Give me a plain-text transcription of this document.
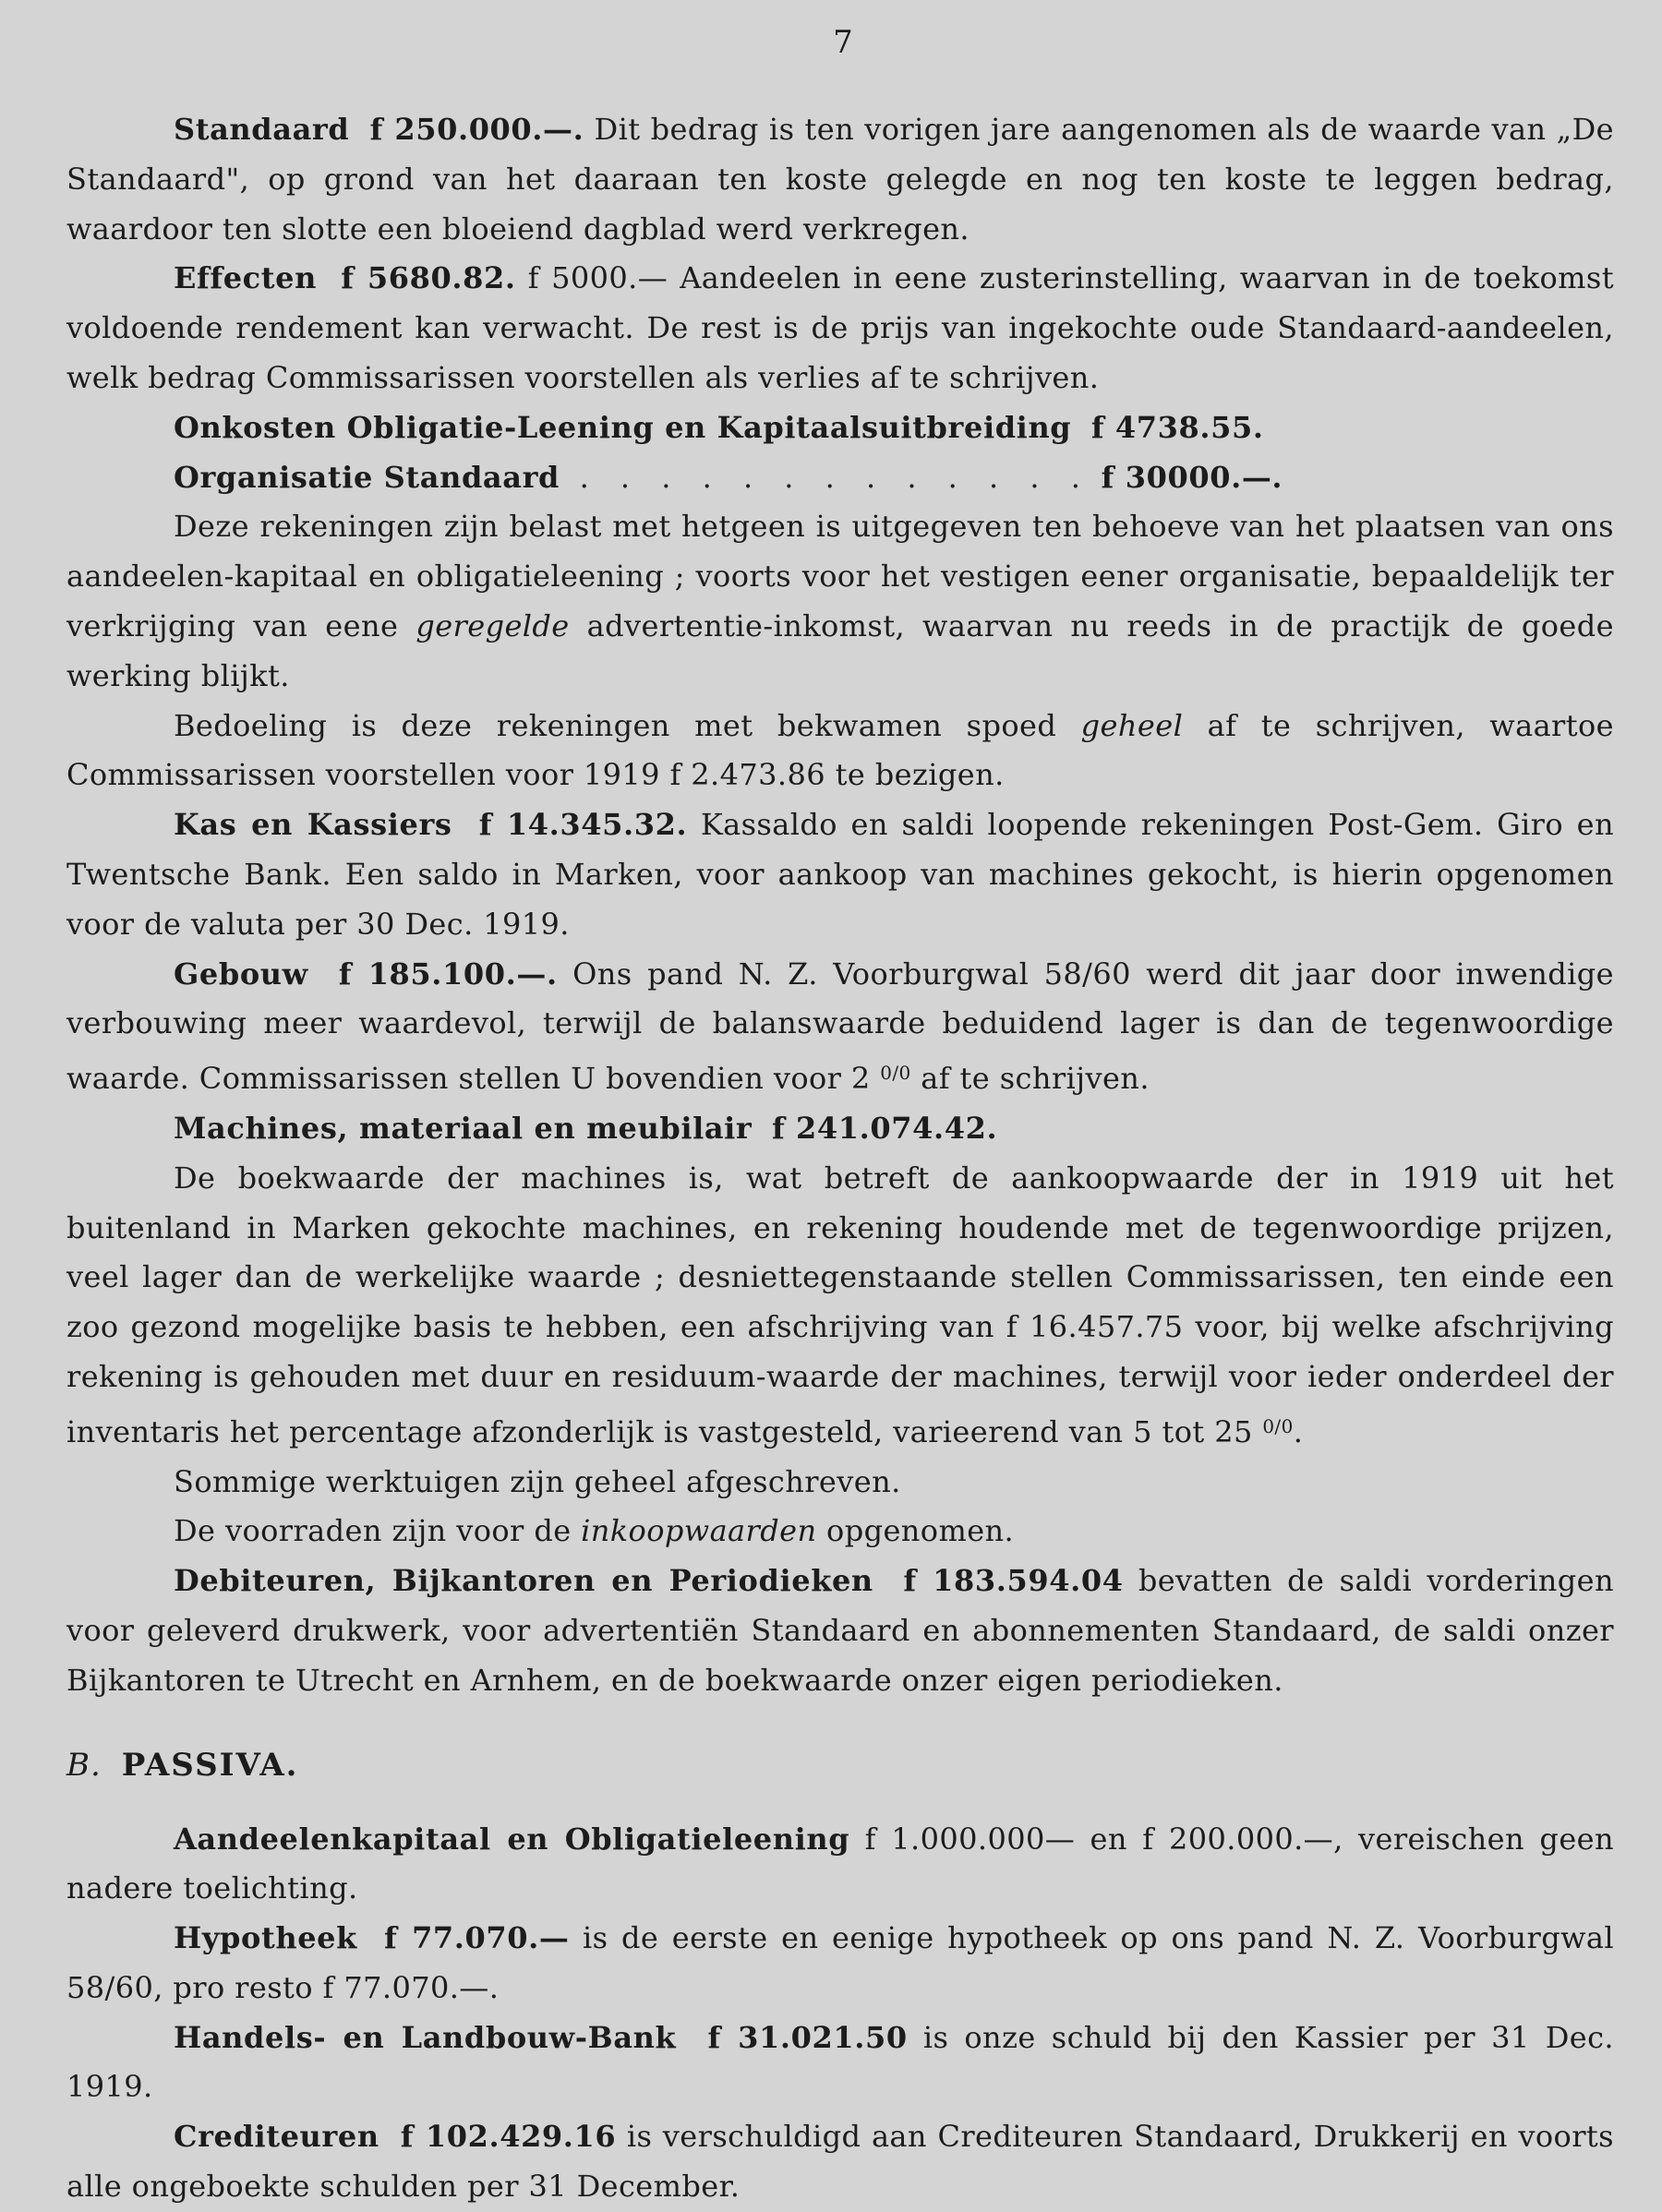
7

Standaard f 250.000.—. Dit bedrag is ten vorigen jare aangenomen als de waarde van „De Standaard", op grond van het daaraan ten koste gelegde en nog ten koste te leggen bedrag, waardoor ten slotte een bloeiend dagblad werd verkregen.

Effecten f 5680.82. f 5000.— Aandeelen in eene zusterinstelling, waarvan in de toekomst voldoende rendement kan verwacht. De rest is de prijs van ingekochte oude Standaard-aandeelen, welk bedrag Commissarissen voorstellen als verlies af te schrijven.

Onkosten Obligatie-Leening en Kapitaalsuitbreiding f 4738.55.
Organisatie Standaard . . . . . . . . . . . . . f 30000.—.

Deze rekeningen zijn belast met hetgeen is uitgegeven ten behoeve van het plaatsen van ons aandeelen-kapitaal en obligatieleening ; voorts voor het vestigen eener organisatie, bepaaldelijk ter verkrijging van eene geregelde advertentie-inkomst, waarvan nu reeds in de practijk de goede werking blijkt.

Bedoeling is deze rekeningen met bekwamen spoed geheel af te schrijven, waartoe Commissarissen voorstellen voor 1919 f 2.473.86 te bezigen.

Kas en Kassiers f 14.345.32. Kassaldo en saldi loopende rekeningen Post-Gem. Giro en Twentsche Bank. Een saldo in Marken, voor aankoop van machines gekocht, is hierin opgenomen voor de valuta per 30 Dec. 1919.

Gebouw f 185.100.—. Ons pand N. Z. Voorburgwal 58/60 werd dit jaar door inwendige verbouwing meer waardevol, terwijl de balanswaarde beduidend lager is dan de tegenwoordige waarde. Commissarissen stellen U bovendien voor 2 $^{0/0}$ af te schrijven.

Machines, materiaal en meubilair f 241.074.42.

De boekwaarde der machines is, wat betreft de aankoopwaarde der in 1919 uit het buitenland in Marken gekochte machines, en rekening houdende met de tegenwoordige prijzen, veel lager dan de werkelijke waarde ; desniettegenstaande stellen Commissarissen, ten einde een zoo gezond mogelijke basis te hebben, een afschrijving van f 16.457.75 voor, bij welke afschrijving rekening is gehouden met duur en residuum-waarde der machines, terwijl voor ieder onderdeel der inventaris het percentage afzonderlijk is vastgesteld, varieerend van 5 tot 25 $^{0/0}$.

Sommige werktuigen zijn geheel afgeschreven.

De voorraden zijn voor de inkoopwaarden opgenomen.

Debiteuren, Bijkantoren en Periodieken f 183.594.04 bevatten de saldi vorderingen voor geleverd drukwerk, voor advertentiën Standaard en abonnementen Standaard, de saldi onzer Bijkantoren te Utrecht en Arnhem, en de boekwaarde onzer eigen periodieken.

B. PASSIVA.

Aandeelenkapitaal en Obligatieleening f 1.000.000— en f 200.000.—, vereischen geen nadere toelichting.

Hypotheek f 77.070.— is de eerste en eenige hypotheek op ons pand N. Z. Voorburgwal 58/60, pro resto f 77.070.—.

Handels- en Landbouw-Bank f 31.021.50 is onze schuld bij den Kassier per 31 Dec. 1919.

Crediteuren f 102.429.16 is verschuldigd aan Crediteuren Standaard, Drukkerij en voorts alle ongeboekte schulden per 31 December.
